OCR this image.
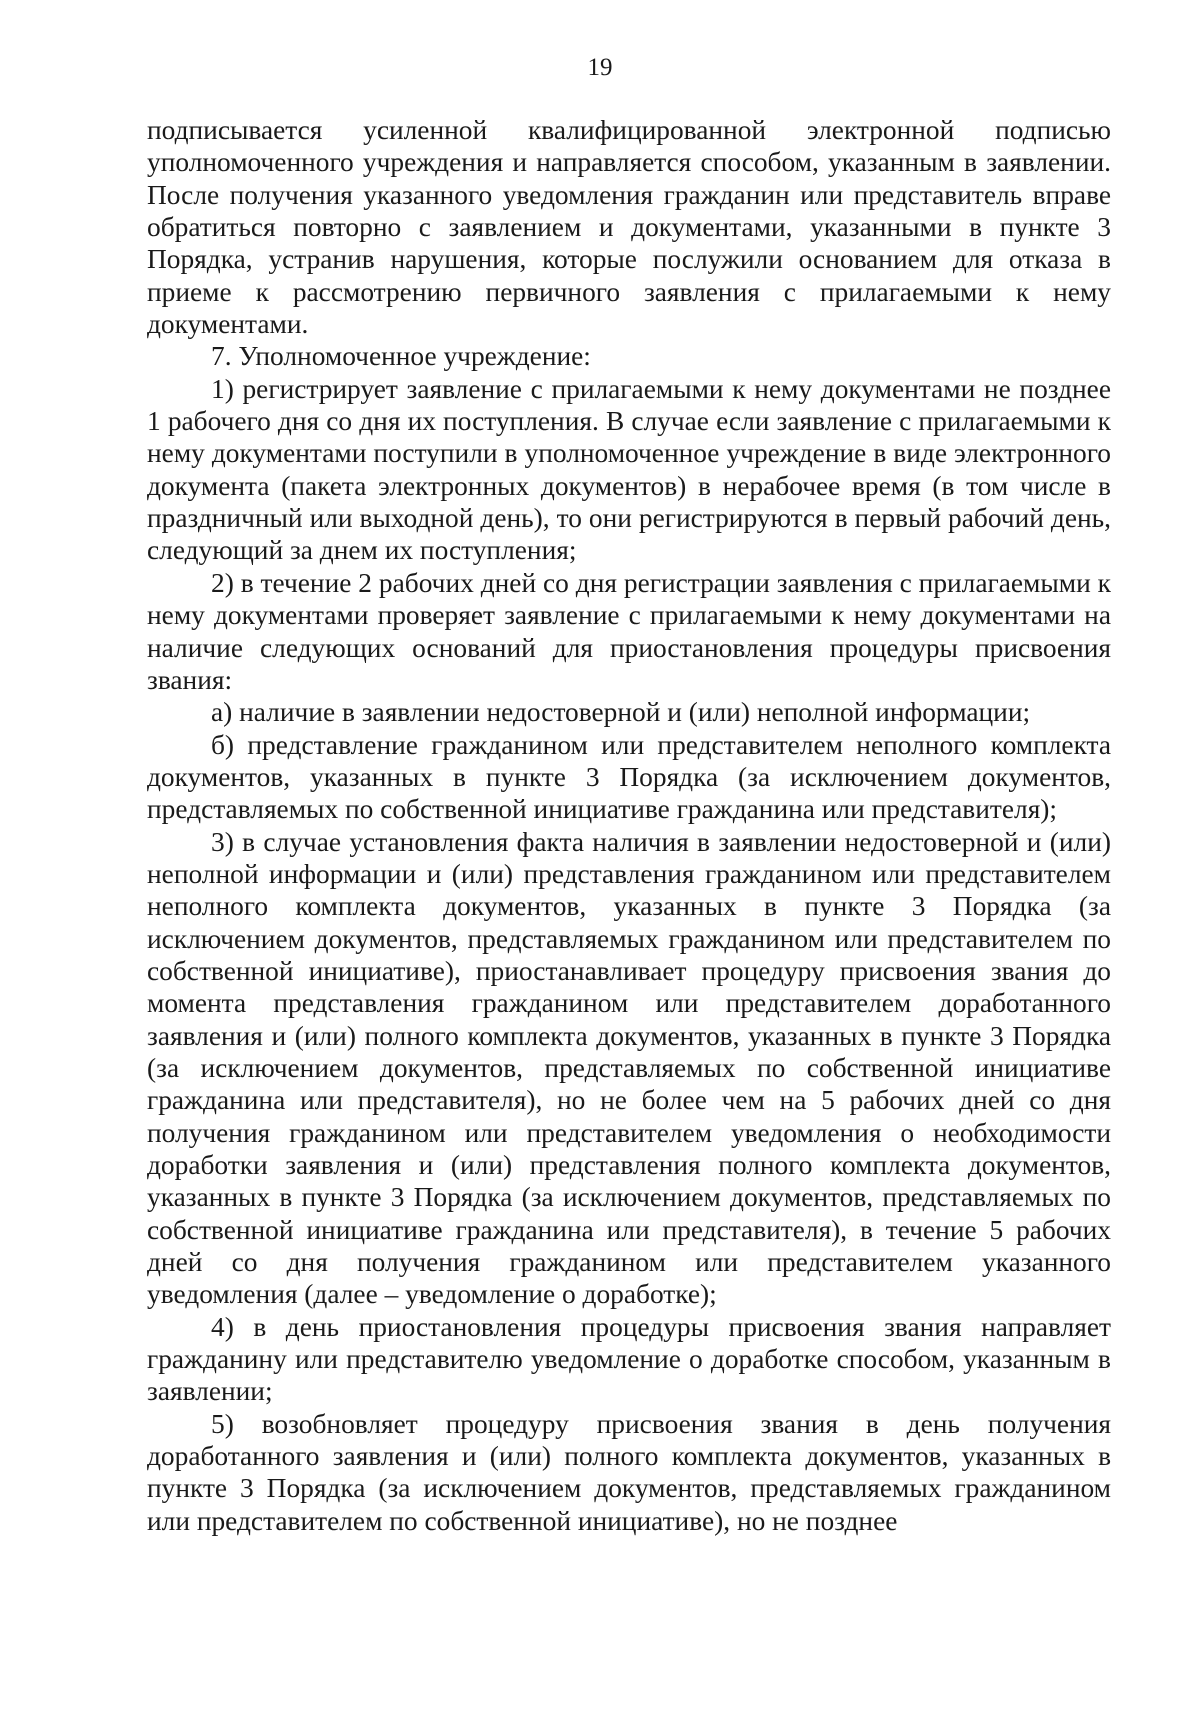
19

подписывается усиленной квалифицированной электронной подписью уполномоченного учреждения и направляется способом, указанным в заявлении. После получения указанного уведомления гражданин или представитель вправе обратиться повторно с заявлением и документами, указанными в пункте 3 Порядка, устранив нарушения, которые послужили основанием для отказа в приеме к рассмотрению первичного заявления с прилагаемыми к нему документами.

7. Уполномоченное учреждение:

1) регистрирует заявление с прилагаемыми к нему документами не позднее 1 рабочего дня со дня их поступления. В случае если заявление с прилагаемыми к нему документами поступили в уполномоченное учреждение в виде электронного документа (пакета электронных документов) в нерабочее время (в том числе в праздничный или выходной день), то они регистрируются в первый рабочий день, следующий за днем их поступления;

2) в течение 2 рабочих дней со дня регистрации заявления с прилагаемыми к нему документами проверяет заявление с прилагаемыми к нему документами на наличие следующих оснований для приостановления процедуры присвоения звания:

а) наличие в заявлении недостоверной и (или) неполной информации;

б) представление гражданином или представителем неполного комплекта документов, указанных в пункте 3 Порядка (за исключением документов, представляемых по собственной инициативе гражданина или представителя);

3) в случае установления факта наличия в заявлении недостоверной и (или) неполной информации и (или) представления гражданином или представителем неполного комплекта документов, указанных в пункте 3 Порядка (за исключением документов, представляемых гражданином или представителем по собственной инициативе), приостанавливает процедуру присвоения звания до момента представления гражданином или представителем доработанного заявления и (или) полного комплекта документов, указанных в пункте 3 Порядка (за исключением документов, представляемых по собственной инициативе гражданина или представителя), но не более чем на 5 рабочих дней со дня получения гражданином или представителем уведомления о необходимости доработки заявления и (или) представления полного комплекта документов, указанных в пункте 3 Порядка (за исключением документов, представляемых по собственной инициативе гражданина или представителя), в течение 5 рабочих дней со дня получения гражданином или представителем указанного уведомления (далее – уведомление о доработке);

4) в день приостановления процедуры присвоения звания направляет гражданину или представителю уведомление о доработке способом, указанным в заявлении;

5) возобновляет процедуру присвоения звания в день получения доработанного заявления и (или) полного комплекта документов, указанных в пункте 3 Порядка (за исключением документов, представляемых гражданином или представителем по собственной инициативе), но не позднее
